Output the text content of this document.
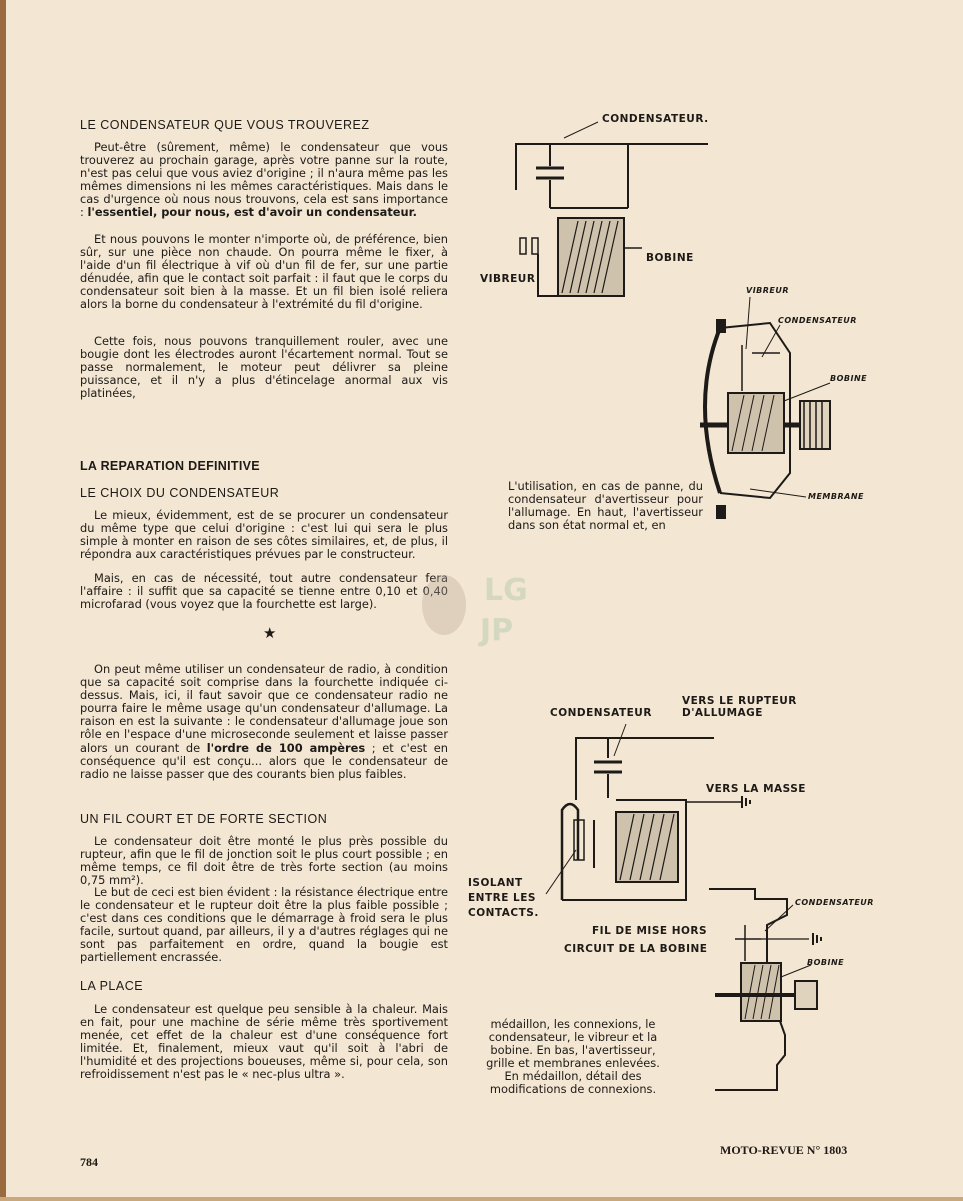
LE CONDENSATEUR QUE VOUS TROUVEREZ
Peut-être (sûrement, même) le condensateur que vous trouverez au prochain garage, après votre panne sur la route, n'est pas celui que vous aviez d'origine ; il n'aura même pas les mêmes dimensions ni les mêmes caractéristiques. Mais dans le cas d'urgence où nous nous trouvons, cela est sans importance : l'essentiel, pour nous, est d'avoir un condensateur.
Et nous pouvons le monter n'importe où, de préférence, bien sûr, sur une pièce non chaude. On pourra même le fixer, à l'aide d'un fil électrique à vif où d'un fil de fer, sur une partie dénudée, afin que le contact soit parfait : il faut que le corps du condensateur soit bien à la masse. Et un fil bien isolé reliera alors la borne du condensateur à l'extrémité du fil d'origine.
Cette fois, nous pouvons tranquillement rouler, avec une bougie dont les électrodes auront l'écartement normal. Tout se passe normalement, le moteur peut délivrer sa pleine puissance, et il n'y a plus d'étincelage anormal aux vis platinées,
LA REPARATION DEFINITIVE
LE CHOIX DU CONDENSATEUR
Le mieux, évidemment, est de se procurer un condensateur du même type que celui d'origine : c'est lui qui sera le plus simple à monter en raison de ses côtes similaires, et, de plus, il répondra aux caractéristiques prévues par le constructeur.
Mais, en cas de nécessité, tout autre condensateur fera l'affaire : il suffit que sa capacité se tienne entre 0,10 et 0,40 microfarad (vous voyez que la fourchette est large).
★
On peut même utiliser un condensateur de radio, à condition que sa capacité soit comprise dans la fourchette indiquée ci-dessus. Mais, ici, il faut savoir que ce condensateur radio ne pourra faire le même usage qu'un condensateur d'allumage. La raison en est la suivante : le condensateur d'allumage joue son rôle en l'espace d'une microseconde seulement et laisse passer alors un courant de l'ordre de 100 ampères ; et c'est en conséquence qu'il est conçu... alors que le condensateur de radio ne laisse passer que des courants bien plus faibles.
UN FIL COURT ET DE FORTE SECTION
Le condensateur doit être monté le plus près possible du rupteur, afin que le fil de jonction soit le plus court possible ; en même temps, ce fil doit être de très forte section (au moins 0,75 mm²).
Le but de ceci est bien évident : la résistance électrique entre le condensateur et le rupteur doit être la plus faible possible ; c'est dans ces conditions que le démarrage à froid sera le plus facile, surtout quand, par ailleurs, il y a d'autres réglages qui ne sont pas parfaitement en ordre, quand la bougie est partiellement encrassée.
LA PLACE
Le condensateur est quelque peu sensible à la chaleur. Mais en fait, pour une machine de série même très sportivement menée, cet effet de la chaleur est d'une conséquence fort limitée. Et, finalement, mieux vaut qu'il soit à l'abri de l'humidité et des projections boueuses, même si, pour cela, son refroidissement n'est pas le « nec-plus ultra ».
L'utilisation, en cas de panne, du condensateur d'avertisseur pour l'allumage. En haut, l'avertisseur dans son état normal et, en
médaillon, les connexions, le condensateur, le vibreur et la bobine. En bas, l'avertisseur, grille et membranes enlevées. En médaillon, détail des modifications de connexions.
LG
JP
CONDENSATEUR.
BOBINE
VIBREUR
VIBREUR
CONDENSATEUR
BOBINE
MEMBRANE
CONDENSATEUR
VERS LE RUPTEUR
D'ALLUMAGE
VERS LA MASSE
ISOLANT
ENTRE LES
CONTACTS.
FIL DE MISE HORS
CIRCUIT DE LA BOBINE
CONDENSATEUR
BOBINE
784
MOTO-REVUE N° 1803
